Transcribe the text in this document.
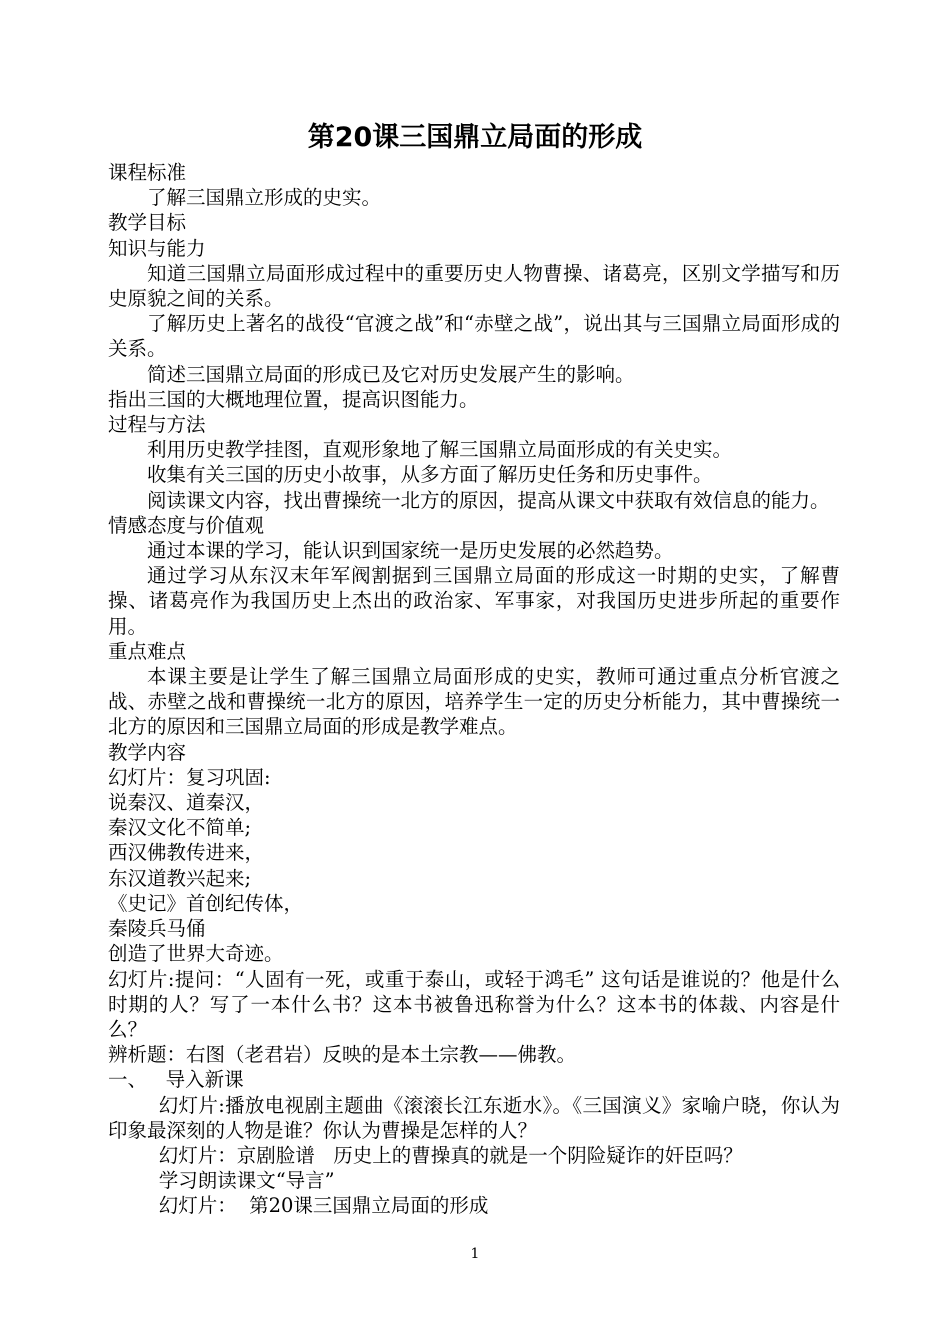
第20课三国鼎立局面的形成

课程标准

了解三国鼎立形成的史实。

教学目标

知识与能力

知道三国鼎立局面形成过程中的重要历史人物曹操、诸葛亮，区别文学描写和历史原貌之间的关系。

了解历史上著名的战役“官渡之战”和“赤壁之战”，说出其与三国鼎立局面形成的关系。

简述三国鼎立局面的形成已及它对历史发展产生的影响。

指出三国的大概地理位置，提高识图能力。

过程与方法

利用历史教学挂图，直观形象地了解三国鼎立局面形成的有关史实。

收集有关三国的历史小故事，从多方面了解历史任务和历史事件。

阅读课文内容，找出曹操统一北方的原因，提高从课文中获取有效信息的能力。

情感态度与价值观

通过本课的学习，能认识到国家统一是历史发展的必然趋势。

通过学习从东汉末年军阀割据到三国鼎立局面的形成这一时期的史实，了解曹操、诸葛亮作为我国历史上杰出的政治家、军事家，对我国历史进步所起的重要作用。

重点难点

本课主要是让学生了解三国鼎立局面形成的史实，教师可通过重点分析官渡之战、赤壁之战和曹操统一北方的原因，培养学生一定的历史分析能力，其中曹操统一北方的原因和三国鼎立局面的形成是教学难点。

教学内容

幻灯片：复习巩固:

说秦汉、道秦汉，

秦汉文化不简单;

西汉佛教传进来，

东汉道教兴起来;

《史记》首创纪传体，

秦陵兵马俑

创造了世界大奇迹。

幻灯片:提问：“人固有一死，或重于泰山，或轻于鸿毛” 这句话是谁说的？他是什么时期的人？写了一本什么书？这本书被鲁迅称誉为什么？这本书的体裁、内容是什么？

辨析题：右图（老君岩）反映的是本土宗教——佛教。

一、   导入新课

幻灯片:播放电视剧主题曲《滚滚长江东逝水》。《三国演义》家喻户晓，你认为印象最深刻的人物是谁？你认为曹操是怎样的人？

幻灯片：京剧脸谱   历史上的曹操真的就是一个阴险疑诈的奸臣吗？

学习朗读课文“导言”

幻灯片：  第20课三国鼎立局面的形成

1
